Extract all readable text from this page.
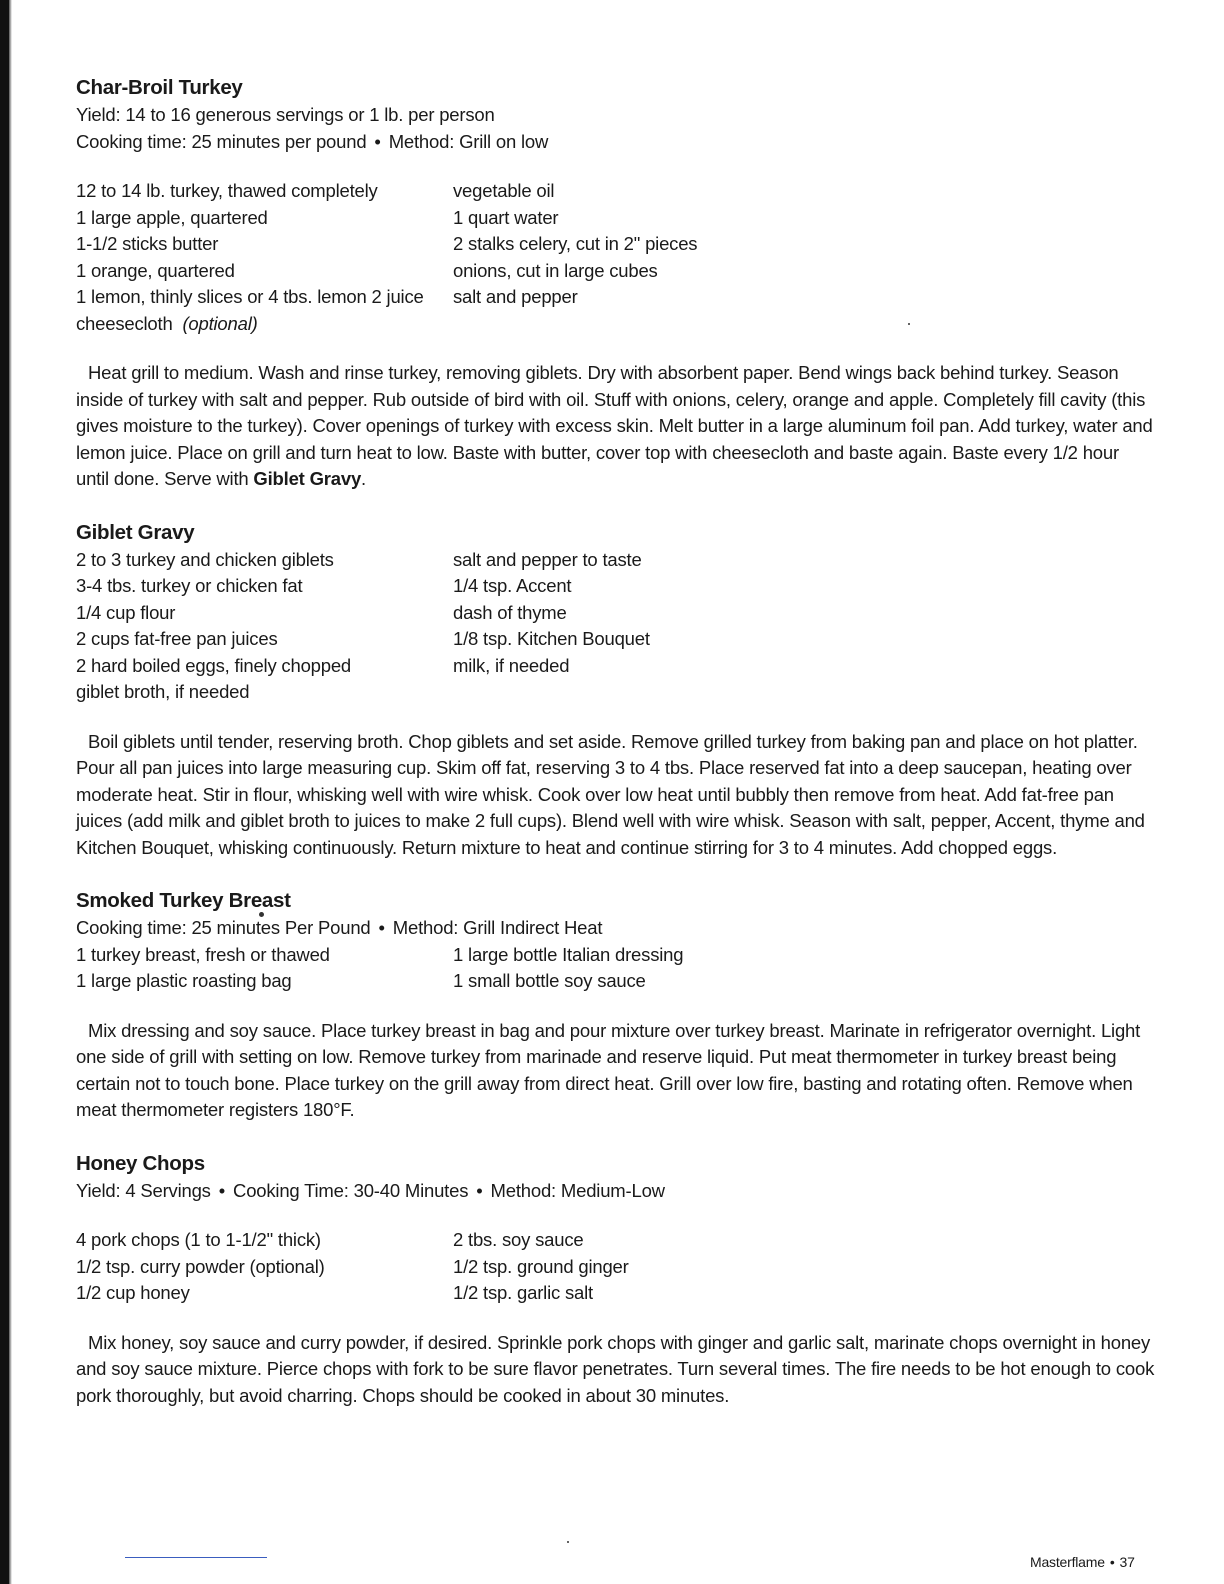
Char-Broil Turkey
Yield: 14 to 16 generous servings or 1 lb. per person
Cooking time: 25 minutes per pound • Method: Grill on low
12 to 14 lb. turkey, thawed completely	vegetable oil
1 large apple, quartered	1 quart water
1-1/2 sticks butter	2 stalks celery, cut in 2" pieces
1 orange, quartered	onions, cut in large cubes
1 lemon, thinly slices or 4 tbs. lemon 2 juice	salt and pepper
cheesecloth (optional)

Heat grill to medium. Wash and rinse turkey, removing giblets. Dry with absorbent paper. Bend wings back behind turkey. Season inside of turkey with salt and pepper. Rub outside of bird with oil. Stuff with onions, celery, orange and apple. Completely fill cavity (this gives moisture to the turkey). Cover openings of turkey with excess skin. Melt butter in a large aluminum foil pan. Add turkey, water and lemon juice. Place on grill and turn heat to low. Baste with butter, cover top with cheesecloth and baste again. Baste every 1/2 hour until done. Serve with Giblet Gravy.

Giblet Gravy
2 to 3 turkey and chicken giblets	salt and pepper to taste
3-4 tbs. turkey or chicken fat	1/4 tsp. Accent
1/4 cup flour	dash of thyme
2 cups fat-free pan juices	1/8 tsp. Kitchen Bouquet
2 hard boiled eggs, finely chopped	milk, if needed
giblet broth, if needed

Boil giblets until tender, reserving broth. Chop giblets and set aside. Remove grilled turkey from baking pan and place on hot platter. Pour all pan juices into large measuring cup. Skim off fat, reserving 3 to 4 tbs. Place reserved fat into a deep saucepan, heating over moderate heat. Stir in flour, whisking well with wire whisk. Cook over low heat until bubbly then remove from heat. Add fat-free pan juices (add milk and giblet broth to juices to make 2 full cups). Blend well with wire whisk. Season with salt, pepper, Accent, thyme and Kitchen Bouquet, whisking continuously. Return mixture to heat and continue stirring for 3 to 4 minutes. Add chopped eggs.

Smoked Turkey Breast
Cooking time: 25 minutes Per Pound • Method: Grill Indirect Heat
1 turkey breast, fresh or thawed	1 large bottle Italian dressing
1 large plastic roasting bag	1 small bottle soy sauce

Mix dressing and soy sauce. Place turkey breast in bag and pour mixture over turkey breast. Marinate in refrigerator overnight. Light one side of grill with setting on low. Remove turkey from marinade and reserve liquid. Put meat thermometer in turkey breast being certain not to touch bone. Place turkey on the grill away from direct heat. Grill over low fire, basting and rotating often. Remove when meat thermometer registers 180°F.

Honey Chops
Yield: 4 Servings • Cooking Time: 30-40 Minutes • Method: Medium-Low
4 pork chops (1 to 1-1/2" thick)	2 tbs. soy sauce
1/2 tsp. curry powder (optional)	1/2 tsp. ground ginger
1/2 cup honey	1/2 tsp. garlic salt

Mix honey, soy sauce and curry powder, if desired. Sprinkle pork chops with ginger and garlic salt, marinate chops overnight in honey and soy sauce mixture. Pierce chops with fork to be sure flavor penetrates. Turn several times. The fire needs to be hot enough to cook pork thoroughly, but avoid charring. Chops should be cooked in about 30 minutes.

Masterflame • 37
